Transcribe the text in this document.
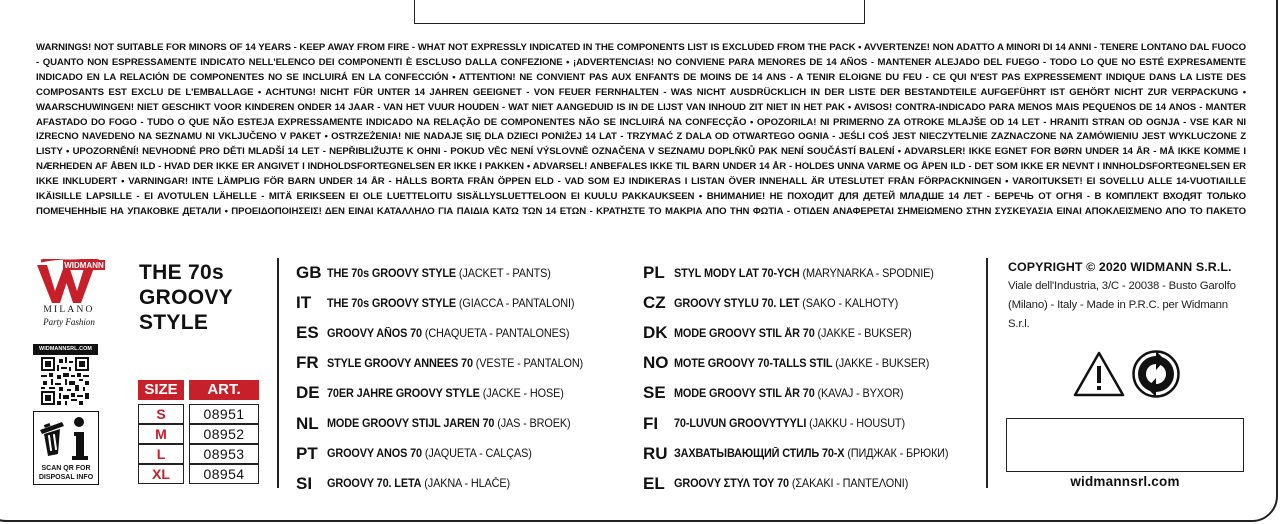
WARNINGS! NOT SUITABLE FOR MINORS OF 14 YEARS - KEEP AWAY FROM FIRE - WHAT NOT EXPRESSLY INDICATED IN THE COMPONENTS LIST IS EXCLUDED FROM THE PACK • AVVERTENZE! NON ADATTO A MINORI DI 14 ANNI - TENERE LONTANO DAL FUOCO - QUANTO NON ESPRESSAMENTE INDICATO NELL'ELENCO DEI COMPONENTI È ESCLUSO DALLA CONFEZIONE • ¡ADVERTENCIAS! NO CONVIENE PARA MENORES DE 14 AÑOS - MANTENER ALEJADO DEL FUEGO - TODO LO QUE NO ESTÉ EXPRESAMENTE INDICADO EN LA RELACIÓN DE COMPONENTES NO SE INCLUIRÁ EN LA CONFECCIÓN • ATTENTION! NE CONVIENT PAS AUX ENFANTS DE MOINS DE 14 ANS - A TENIR ELOIGNE DU FEU - CE QUI N'EST PAS EXPRESSEMENT INDIQUE DANS LA LISTE DES COMPOSANTS EST EXCLU DE L'EMBALLAGE • ACHTUNG! NICHT FÜR UNTER 14 JAHREN GEEIGNET - VON FEUER FERNHALTEN - WAS NICHT AUSDRÜCKLICH IN DER LISTE DER BESTANDTEILE AUFGEFÜHRT IST GEHÖRT NICHT ZUR VERPACKUNG • WAARSCHUWINGEN! NIET GESCHIKT VOOR KINDEREN ONDER 14 JAAR - VAN HET VUUR HOUDEN - WAT NIET AANGEDUID IS IN DE LIJST VAN INHOUD ZIT NIET IN HET PAK • AVISOS! CONTRA-INDICADO PARA MENOS MAIS PEQUENOS DE 14 ANOS - MANTER AFASTADO DO FOGO - TUDO O QUE NÃO ESTEJA EXPRESSAMENTE INDICADO NA RELAÇÃO DE COMPONENTES NÃO SE INCLUIRÁ NA CONFECÇÃO • OPOZORILA! NI PRIMERNO ZA OTROKE MLAJŠE OD 14 LET - HRANITI STRAN OD OGNJA - VSE KAR NI IZRECNO NAVEDENO NA SEZNAMU NI VKLJUČENO V PAKET • OSTRZEŻENIA! NIE NADAJE SIĘ DLA DZIECI PONIŻEJ 14 LAT - TRZYMAĆ Z DALA OD OTWARTEGO OGNIA - JEŚLI COŚ JEST NIECZYTELNIE ZAZNACZONE NA ZAMÓWIENIU JEST WYKLUCZONE Z LISTY • UPOZORNĚNÍ! NEVHODNÉ PRO DĚTI MLADŠÍ 14 LET - NEPŘIBLIŽUJTE K OHNI - POKUD VĚC NENÍ VÝSLOVNĚ OZNAČENA V SEZNAMU DOPLŇKŮ PAK NENÍ SOUČÁSTÍ BALENÍ • ADVARSLER! IKKE EGNET FOR BØRN UNDER 14 ÅR - MÅ IKKE KOMME I NÆRHEDEN AF ÅBEN ILD - HVAD DER IKKE ER ANGIVET I INDHOLDSFORTEGNELSEN ER IKKE I PAKKEN • ADVARSEL! ANBEFALES IKKE TIL BARN UNDER 14 ÅR - HOLDES UNNA VARME OG ÅPEN ILD - DET SOM IKKE ER NEVNT I INNHOLDSFORTEGNELSEN ER IKKE INKLUDERT • VARNINGAR! INTE LÄMPLIG FÖR BARN UNDER 14 ÅR - HÅLLS BORTA FRÅN ÖPPEN ELD - VAD SOM EJ INDIKERAS I LISTAN ÖVER INNEHALL ÄR UTESLUTET FRÅN FÖRPACKNINGEN • VAROITUKSET! EI SOVELLU ALLE 14-VUOTIAILLE IKÄISILLE LAPSILLE - EI AVOTULEN LÄHELLE - MITÄ ERIKSEEN EI OLE LUETTELOITU SISÄLLYSLUETTELOON EI KUULU PAKKAUKSEEN • ВНИМАНИЕ! НЕ ПОХОДИТ ДЛЯ ДЕТЕЙ МЛАДШЕ 14 ЛЕТ - БЕРЕЧЬ ОТ ОГНЯ - В КОМПЛЕКТ ВХОДЯТ ТОЛЬКО ПОМЕЧЕННЫЕ НА УПАКОВКЕ ДЕТАЛИ • ΠΡΟΕΙΔΟΠΟΙΗΣΕΙΣ! ΔΕΝ ΕΙΝΑΙ ΚΑΤΑΛΛΗΛΟ ΓΙΑ ΠΑΙΔΙΑ ΚΑΤΩ ΤΩΝ 14 ΕΤΩΝ - ΚΡΑΤΗΣΤΕ ΤΟ ΜΑΚΡΙΑ ΑΠΟ ΤΗΝ ΦΩΤΙΑ - ΟΤΙΔΕΝ ΑΝΑΦΕΡΕΤΑΙ ΣΗΜΕΙΩΜΕΝΟ ΣΤΗΝ ΣΥΣΚΕΥΑΣΙΑ ΕΙΝΑΙ ΑΠΟΚΛΕΙΣΜΕΝΟ ΑΠΟ ΤΟ ΠΑΚΕΤΟ
WIDMANN
MILANO
Party Fashion
THE 70s
GROOVY
STYLE
WIDMANNSRL.COM
SCAN QR FOR
DISPOSAL INFO
SIZE	ART.
S	08951
M	08952
L	08953
XL	08954
GB THE 70s GROOVY STYLE (JACKET - PANTS)
IT	THE 70s GROOVY STYLE (GIACCA - PANTALONI)
ES GROOVY AÑOS 70 (CHAQUETA - PANTALONES)
FR STYLE GROOVY ANNEES 70 (VESTE - PANTALON)
DE 70ER JAHRE GROOVY STYLE (JACKE - HOSE)
NL MODE GROOVY STIJL JAREN 70 (JAS - BROEK)
PT GROOVY ANOS 70 (JAQUETA - CALÇAS)
SI	GROOVY 70. LETA (JAKNA - HLAČE)
PL STYL MODY LAT 70-YCH (MARYNARKA - SPODNIE)
CZ GROOVY STYLU 70. LET (SAKO - KALHOTY)
DK MODE GROOVY STIL ÅR 70 (JAKKE - BUKSER)
NO MOTE GROOVY 70-TALLS STIL (JAKKE - BUKSER)
SE MODE GROOVY STIL ÅR 70 (KAVAJ - BYXOR)
FI	70-LUVUN GROOVYTYYLI (JAKKU - HOUSUT)
RU ЗАХВАТЫВАЮЩИЙ СТИЛЬ 70-Х (ПИДЖАК - БРЮКИ)
EL GROOVY ΣΤΥΛ ΤΟΥ 70 (ΣΑΚΑΚΙ - ΠΑΝΤΕΛΟΝΙ)
COPYRIGHT © 2020 WIDMANN S.R.L.
Viale dell'Industria, 3/C - 20038 - Busto Garolfo (Milano) - Italy - Made in P.R.C. per Widmann S.r.l.
widmannsrl.com
